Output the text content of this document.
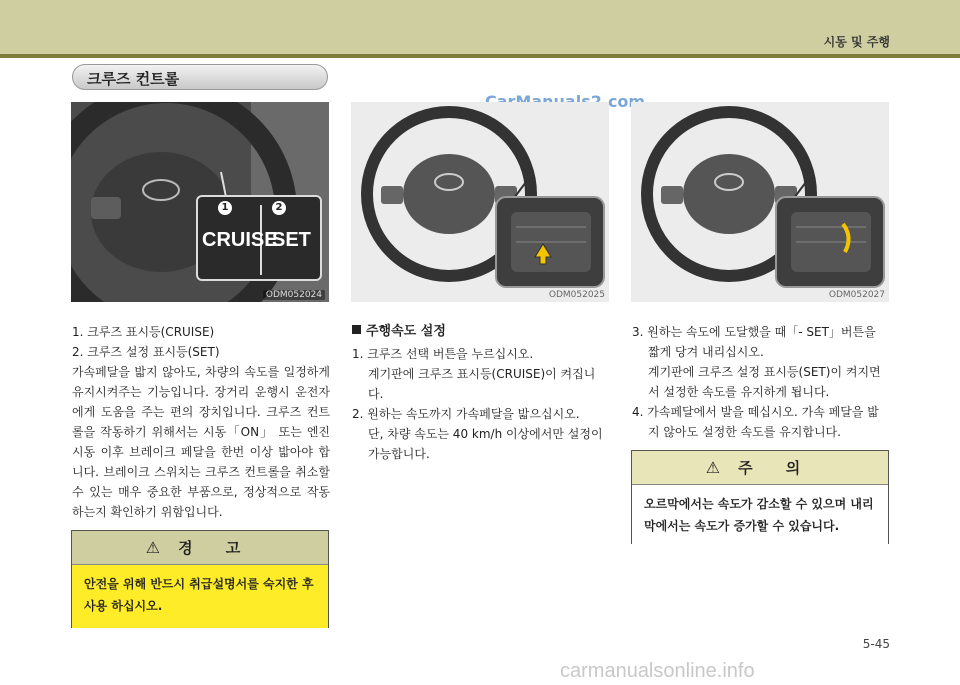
시동 및 주행
크루즈 컨트롤
1	2
CRUISE
SET
ODM052024	ODM052025	ODM052027
1. 크루즈 표시등(CRUISE)
2. 크루즈 설정 표시등(SET)
가속페달을 밟지 않아도, 차량의 속도를 일정하게 유지시켜주는 기능입니다. 장거리 운행시 운전자에게 도움을 주는 편의 장치입니다. 크루즈 컨트롤을 작동하기 위해서는 시동「ON」 또는 엔진 시동 이후 브레이크 페달을 한번 이상 밟아야 합니다. 브레이크 스위치는 크루즈 컨트롤을 취소할 수 있는 매우 중요한 부품으로, 정상적으로 작동하는지 확인하기 위함입니다.
⚠ 경 고
안전을 위해 반드시 취급설명서를 숙지한 후 사용 하십시오.
주행속도 설정
1. 크루즈 선택 버튼을 누르십시오.
계기판에 크루즈 표시등(CRUISE)이 켜집니다.
2. 원하는 속도까지 가속페달을 밟으십시오.
단, 차량 속도는 40 km/h 이상에서만 설정이 가능합니다.
3. 원하는 속도에 도달했을 때「- SET」버튼을 짧게 당겨 내리십시오.
계기판에 크루즈 설정 표시등(SET)이 켜지면서 설정한 속도를 유지하게 됩니다.
4. 가속페달에서 발을 떼십시오. 가속 페달을 밟지 않아도 설정한 속도를 유지합니다.
⚠ 주 의
오르막에서는 속도가 감소할 수 있으며 내리막에서는 속도가 증가할 수 있습니다.
5-45
carmanualsonline.info
